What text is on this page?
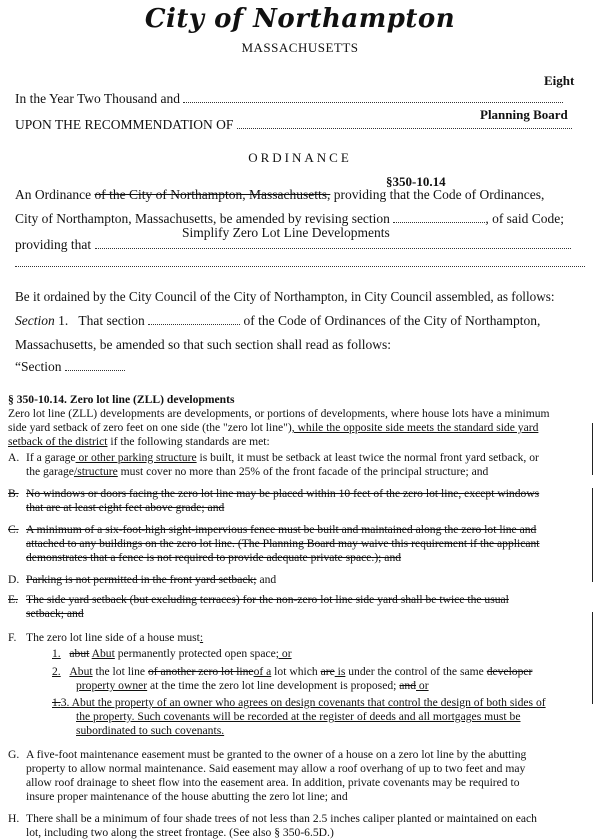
City of Northampton
MASSACHUSETTS
Eight
In the Year Two Thousand and
Planning Board
UPON THE RECOMMENDATION OF
ORDINANCE
§350-10.14
An Ordinance of the City of Northampton, Massachusetts, providing that the Code of Ordinances,
City of Northampton, Massachusetts, be amended by revising section	, of said Code;
Simplify Zero Lot Line Developments
providing that
Be it ordained by the City Council of the City of Northampton, in City Council assembled, as follows:
Section 1. That section	of the Code of Ordinances of the City of Northampton,
Massachusetts, be amended so that such section shall read as follows:
“Section
§ 350-10.14. Zero lot line (ZLL) developments
Zero lot line (ZLL) developments are developments, or portions of developments, where house lots have a minimum
side yard setback of zero feet on one side (the "zero lot line"), while the opposite side meets the standard side yard
setback of the district if the following standards are met:
A. If a garage or other parking structure is built, it must be setback at least twice the normal front yard setback, or
the garage/structure must cover no more than 25% of the front facade of the principal structure; and
B. No windows or doors facing the zero lot line may be placed within 10 feet of the zero lot line, except windows
that are at least eight feet above grade; and
C. A minimum of a six-foot-high sight-impervious fence must be built and maintained along the zero lot line and
attached to any buildings on the zero lot line. (The Planning Board may waive this requirement if the applicant
demonstrates that a fence is not required to provide adequate private space.); and
D. Parking is not permitted in the front yard setback; and
E. The side yard setback (but excluding terraces) for the non-zero lot line side yard shall be twice the usual
setback; and
F. The zero lot line side of a house must:
1. abut Abut permanently protected open space; or
2. Abut the lot line of another zero lot lineof a lot which are is under the control of the same developer
property owner at the time the zero lot line development is proposed; and or
1.3. Abut the property of an owner who agrees on design covenants that control the design of both sides of
the property. Such covenants will be recorded at the register of deeds and all mortgages must be
subordinated to such covenants.
G. A five-foot maintenance easement must be granted to the owner of a house on a zero lot line by the abutting
property to allow normal maintenance. Said easement may allow a roof overhang of up to two feet and may
allow roof drainage to sheet flow into the easement area. In addition, private covenants may be required to
insure proper maintenance of the house abutting the zero lot line; and
H. There shall be a minimum of four shade trees of not less than 2.5 inches caliper planted or maintained on each
lot, including two along the street frontage. (See also § 350-6.5D.)
